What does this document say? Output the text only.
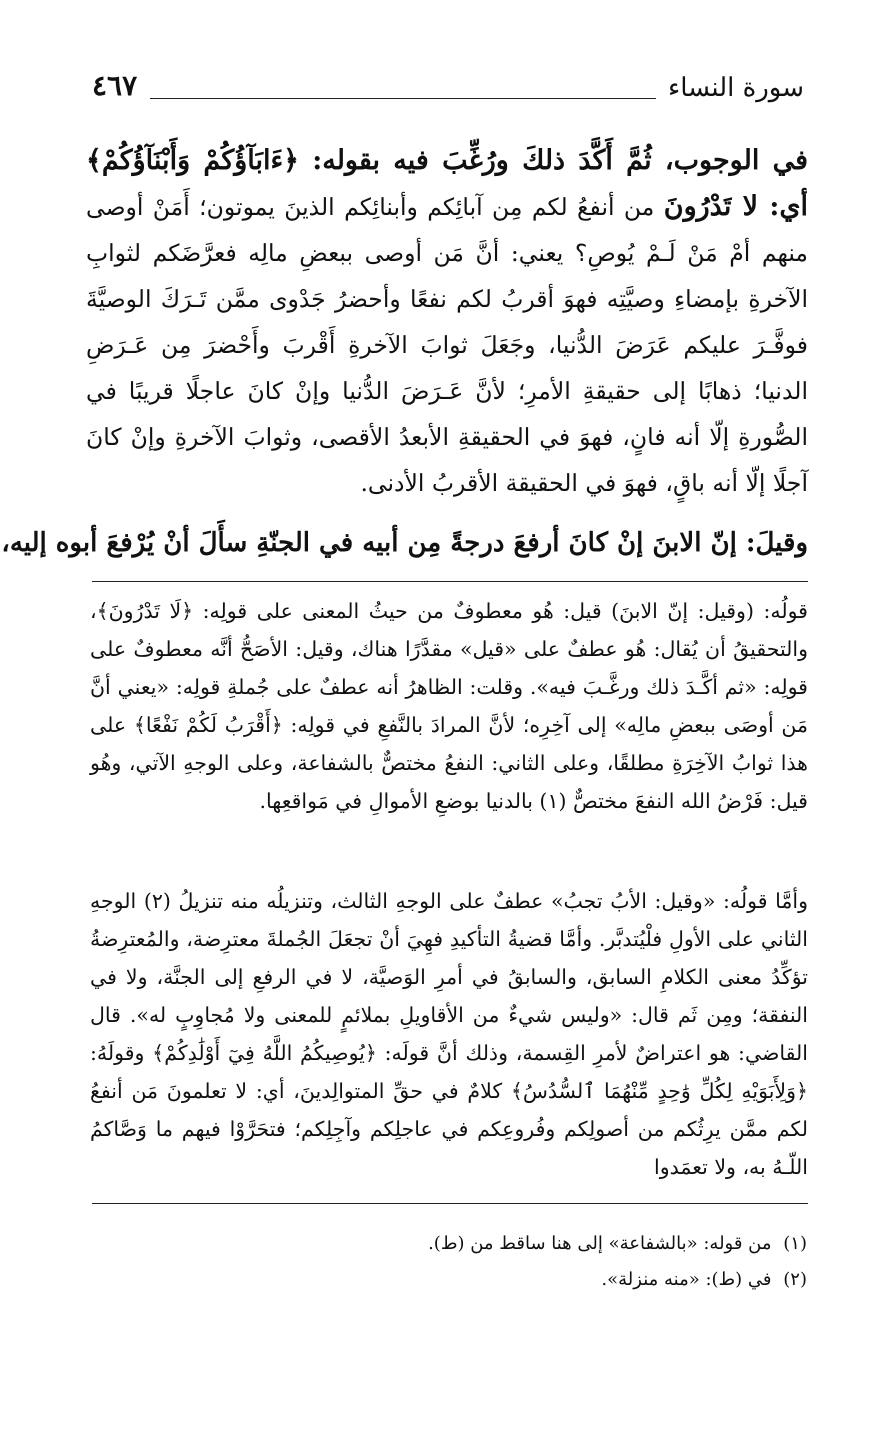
سورة النساء
٤٦٧

في الوجوب، ثُمَّ أَكَّدَ ذلكَ ورُغِّبَ فيه بقوله: ﴿ءَابَآؤُكُمْ وَأَبْنَآؤُكُمْ﴾ أي: لا تَدْرُونَ من أنفعُ لكم مِن آبائِكم وأبنائِكم الذينَ يموتون؛ أَمَنْ أوصى منهم أمْ مَنْ لَـمْ يُوصِ؟ يعني: أنَّ مَن أوصى ببعضِ مالِه فعرَّضَكم لثوابِ الآخرةِ بإمضاءِ وصيَّتِه فهوَ أقربُ لكم نفعًا وأحضرُ جَدْوى ممَّن تَـرَكَ الوصيَّةَ فوفَّـرَ عليكم عَرَضَ الدُّنيا، وجَعَلَ ثوابَ الآخرةِ أَقْربَ وأَحْضرَ مِن عَـرَضِ الدنيا؛ ذهابًا إلى حقيقةِ الأمرِ؛ لأنَّ عَـرَضَ الدُّنيا وإنْ كانَ عاجلًا قريبًا في الصُّورةِ إلّا أنه فانٍ، فهوَ في الحقيقةِ الأبعدُ الأقصى، وثوابَ الآخرةِ وإنْ كانَ آجلًا إلّا أنه باقٍ، فهوَ في الحقيقة الأقربُ الأدنى.

وقيلَ: إنّ الابنَ إنْ كانَ أرفعَ درجةً مِن أبيه في الجنّةِ سأَلَ أنْ يُرْفعَ أبوه إليه،

قولُه: (وقيل: إنّ الابنَ) قيل: هُو معطوفٌ من حيثُ المعنى على قولِه: ﴿لَا تَدْرُونَ﴾، والتحقيقُ أن يُقال: هُو عطفٌ على «قيل» مقدَّرًا هناك، وقيل: الأصَحُّ أنَّه معطوفٌ على قولِه: «ثم أكَّـدَ ذلك ورغَّـبَ فيه». وقلت: الظاهرُ أنه عطفٌ على جُملةِ قولِه: «يعني أنَّ مَن أوصَى ببعضِ مالِه» إلى آخِرِه؛ لأنَّ المرادَ بالنَّفعِ في قولِه: ﴿أَقْرَبُ لَكُمْ نَفْعًا﴾ على هذا ثوابُ الآخِرَةِ مطلقًا، وعلى الثاني: النفعُ مختصٌّ بالشفاعة، وعلى الوجهِ الآتي، وهُو قيل: فَرْضُ الله النفعَ مختصٌّ (١) بالدنيا بوضعِ الأموالِ في مَواقعِها.

وأمَّا قولُه: «وقيل: الأبُ تجبُ» عطفٌ على الوجهِ الثالث، وتنزيلُه منه تنزيلُ (٢) الوجهِ الثاني على الأولِ فلْيُتدبَّر. وأمَّا قضيةُ التأكيدِ فهِيَ أنْ تجعَلَ الجُملةَ معترِضة، والمُعترِضةُ تؤكِّدُ معنى الكلامِ السابق، والسابقُ في أمرِ الوَصيَّة، لا في الرفعِ إلى الجنَّة، ولا في النفقة؛ ومِن ثَم قال: «وليس شيءٌ من الأقاويلِ بملائمٍ للمعنى ولا مُجاوِبٍ له». قال القاضي: هو اعتراضٌ لأمرِ القِسمة، وذلك أنَّ قولَه: ﴿يُوصِيكُمُ اللَّهُ فِيٓ أَوْلَٰدِكُمْ﴾ وقولَهُ: ﴿وَلِأَبَوَيْهِ لِكُلِّ وَٰحِدٍ مِّنْهُمَا ٱلسُّدُسُ﴾ كلامٌ في حقِّ المتوالِدينَ، أي: لا تعلمونَ مَن أنفعُ لكم ممَّن يرِثُكم من أصولِكم وفُروعِكم في عاجلِكم وآجِلِكم؛ فتحَرَّوْا فيهم ما وَصَّاكمُ اللّـهُ به، ولا تعمَدوا

(١) من قوله: «بالشفاعة» إلى هنا ساقط من (ط).
(٢) في (ط): «منه منزلة».
